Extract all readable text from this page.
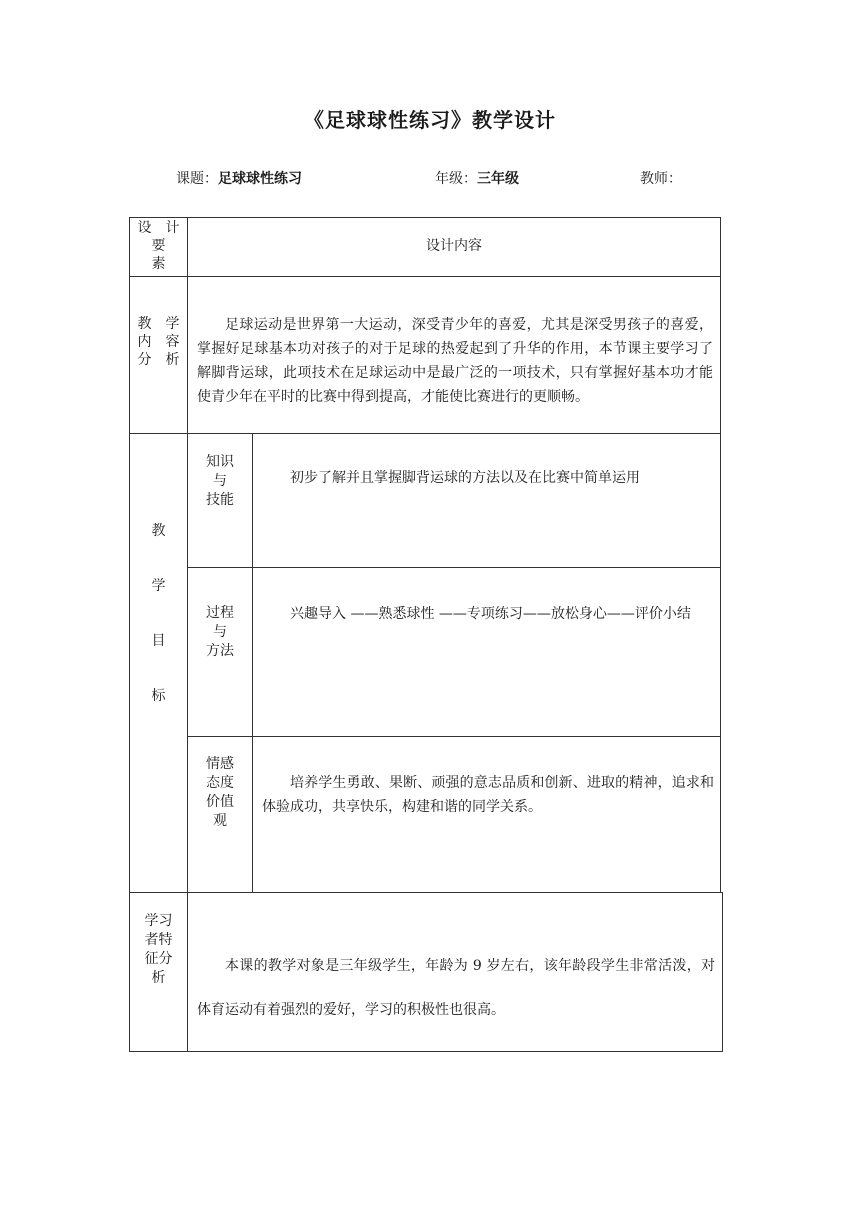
《足球球性练习》教学设计
课题：足球球性练习	年级：三年级	教师：
设　计
要
素
设计内容
教　学
内　容
分　析
足球运动是世界第一大运动，深受青少年的喜爱，尤其是深受男孩子的喜爱，掌握好足球基本功对孩子的对于足球的热爱起到了升华的作用，本节课主要学习了解脚背运球，此项技术在足球运动中是最广泛的一项技术，只有掌握好基本功才能使青少年在平时的比赛中得到提高，才能使比赛进行的更顺畅。
教
学
目
标
知识
与
技能
初步了解并且掌握脚背运球的方法以及在比赛中简单运用
过程
与
方法
兴趣导入 ——熟悉球性 ——专项练习——放松身心——评价小结
情感
态度
价值
观
培养学生勇敢、果断、顽强的意志品质和创新、进取的精神，追求和体验成功，共享快乐，构建和谐的同学关系。
学习
者特
征分
析
本课的教学对象是三年级学生，年龄为 9 岁左右，该年龄段学生非常活泼，对体育运动有着强烈的爱好，学习的积极性也很高。
